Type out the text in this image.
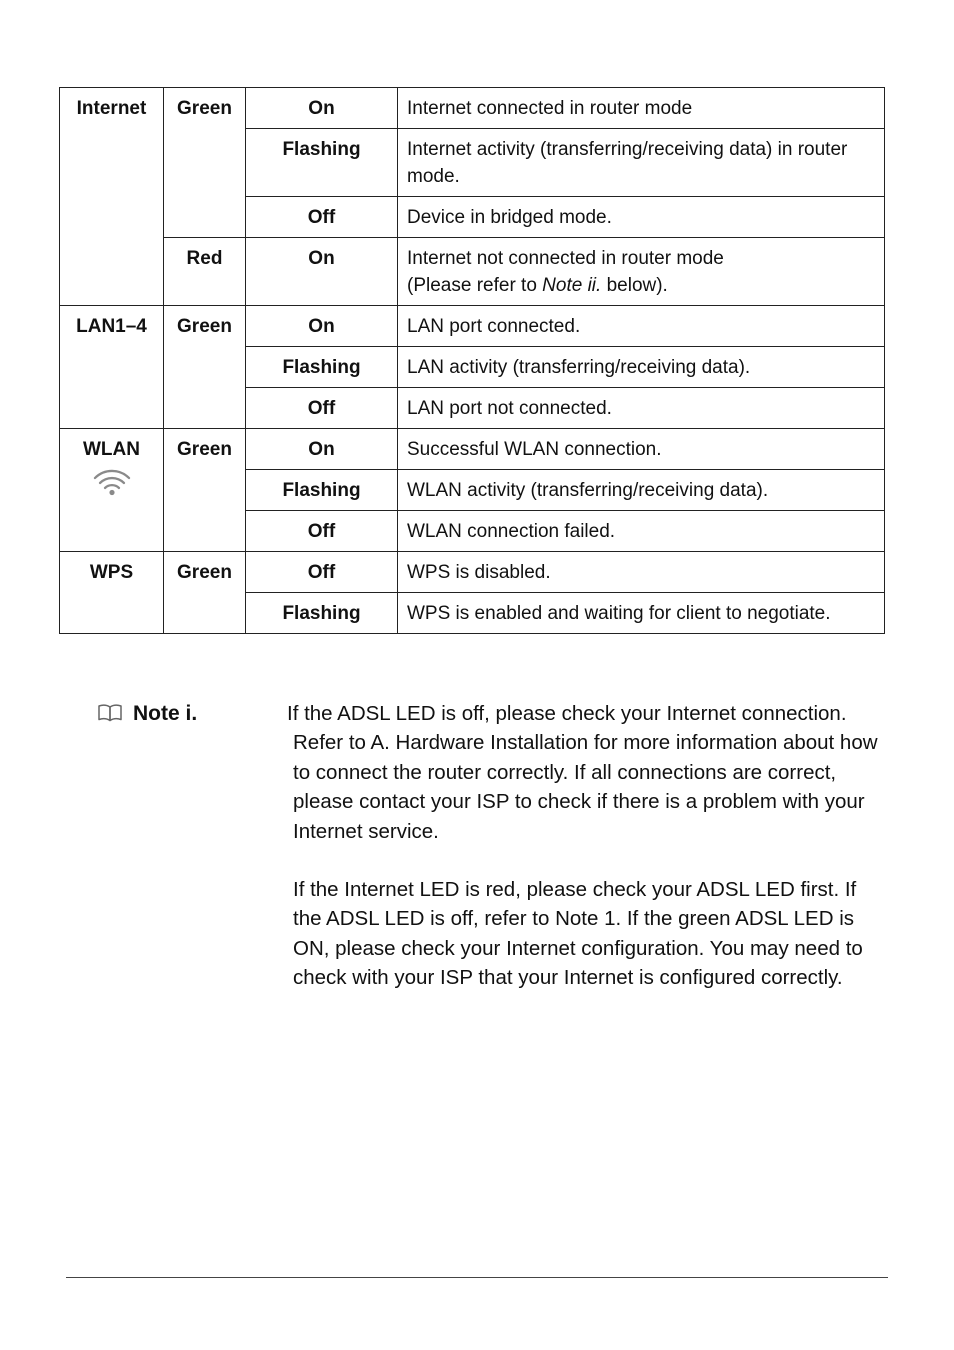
Internet	Green	On	Internet connected in router mode
		Flashing	Internet activity (transferring/receiving data) in router mode.
		Off	Device in bridged mode.
	Red	On	Internet not connected in router mode
(Please refer to Note ii. below).
LAN1–4	Green	On	LAN port connected.
		Flashing	LAN activity (transferring/receiving data).
		Off	LAN port not connected.
WLAN	Green	On	Successful WLAN connection.
		Flashing	WLAN activity (transferring/receiving data).
		Off	WLAN connection failed.
WPS	Green	Off	WPS is disabled.
		Flashing	WPS is enabled and waiting for client to negotiate.
Note i.	If the ADSL LED is off, please check your Internet connection.
Refer to A. Hardware Installation for more information about how to connect the router correctly. If all connections are correct, please contact your ISP to check if there is a problem with your Internet service.

If the Internet LED is red, please check your ADSL LED first. If the ADSL LED is off, refer to Note 1. If the green ADSL LED is ON, please check your Internet configuration. You may need to check with your ISP that your Internet is configured correctly.
